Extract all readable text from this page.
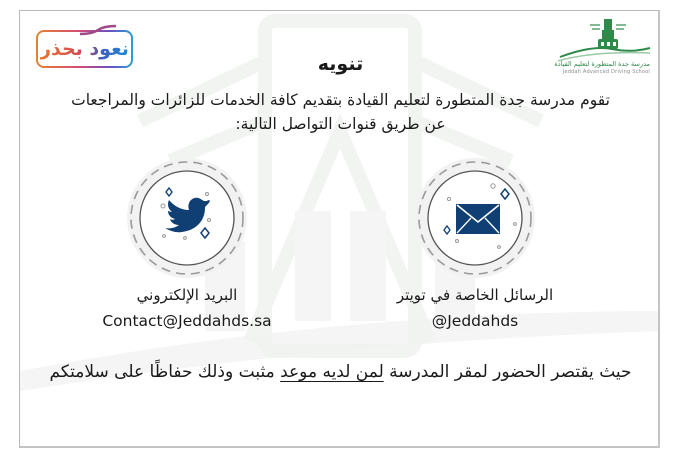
مدرسة جدة المتطورة لتعليم القيادة
Jeddah Advanced Driving School
نعود بحذر
تنويه
تقوم مدرسة جدة المتطورة لتعليم القيادة بتقديم كافة الخدمات للزائرات والمراجعات عن طريق قنوات التواصل التالية:
الرسائل الخاصة في تويتر
@Jeddahds
البريد الإلكتروني
Contact@Jeddahds.sa
حيث يقتصر الحضور لمقر المدرسة لمن لديه موعد مثبت وذلك حفاظًا على سلامتكم
